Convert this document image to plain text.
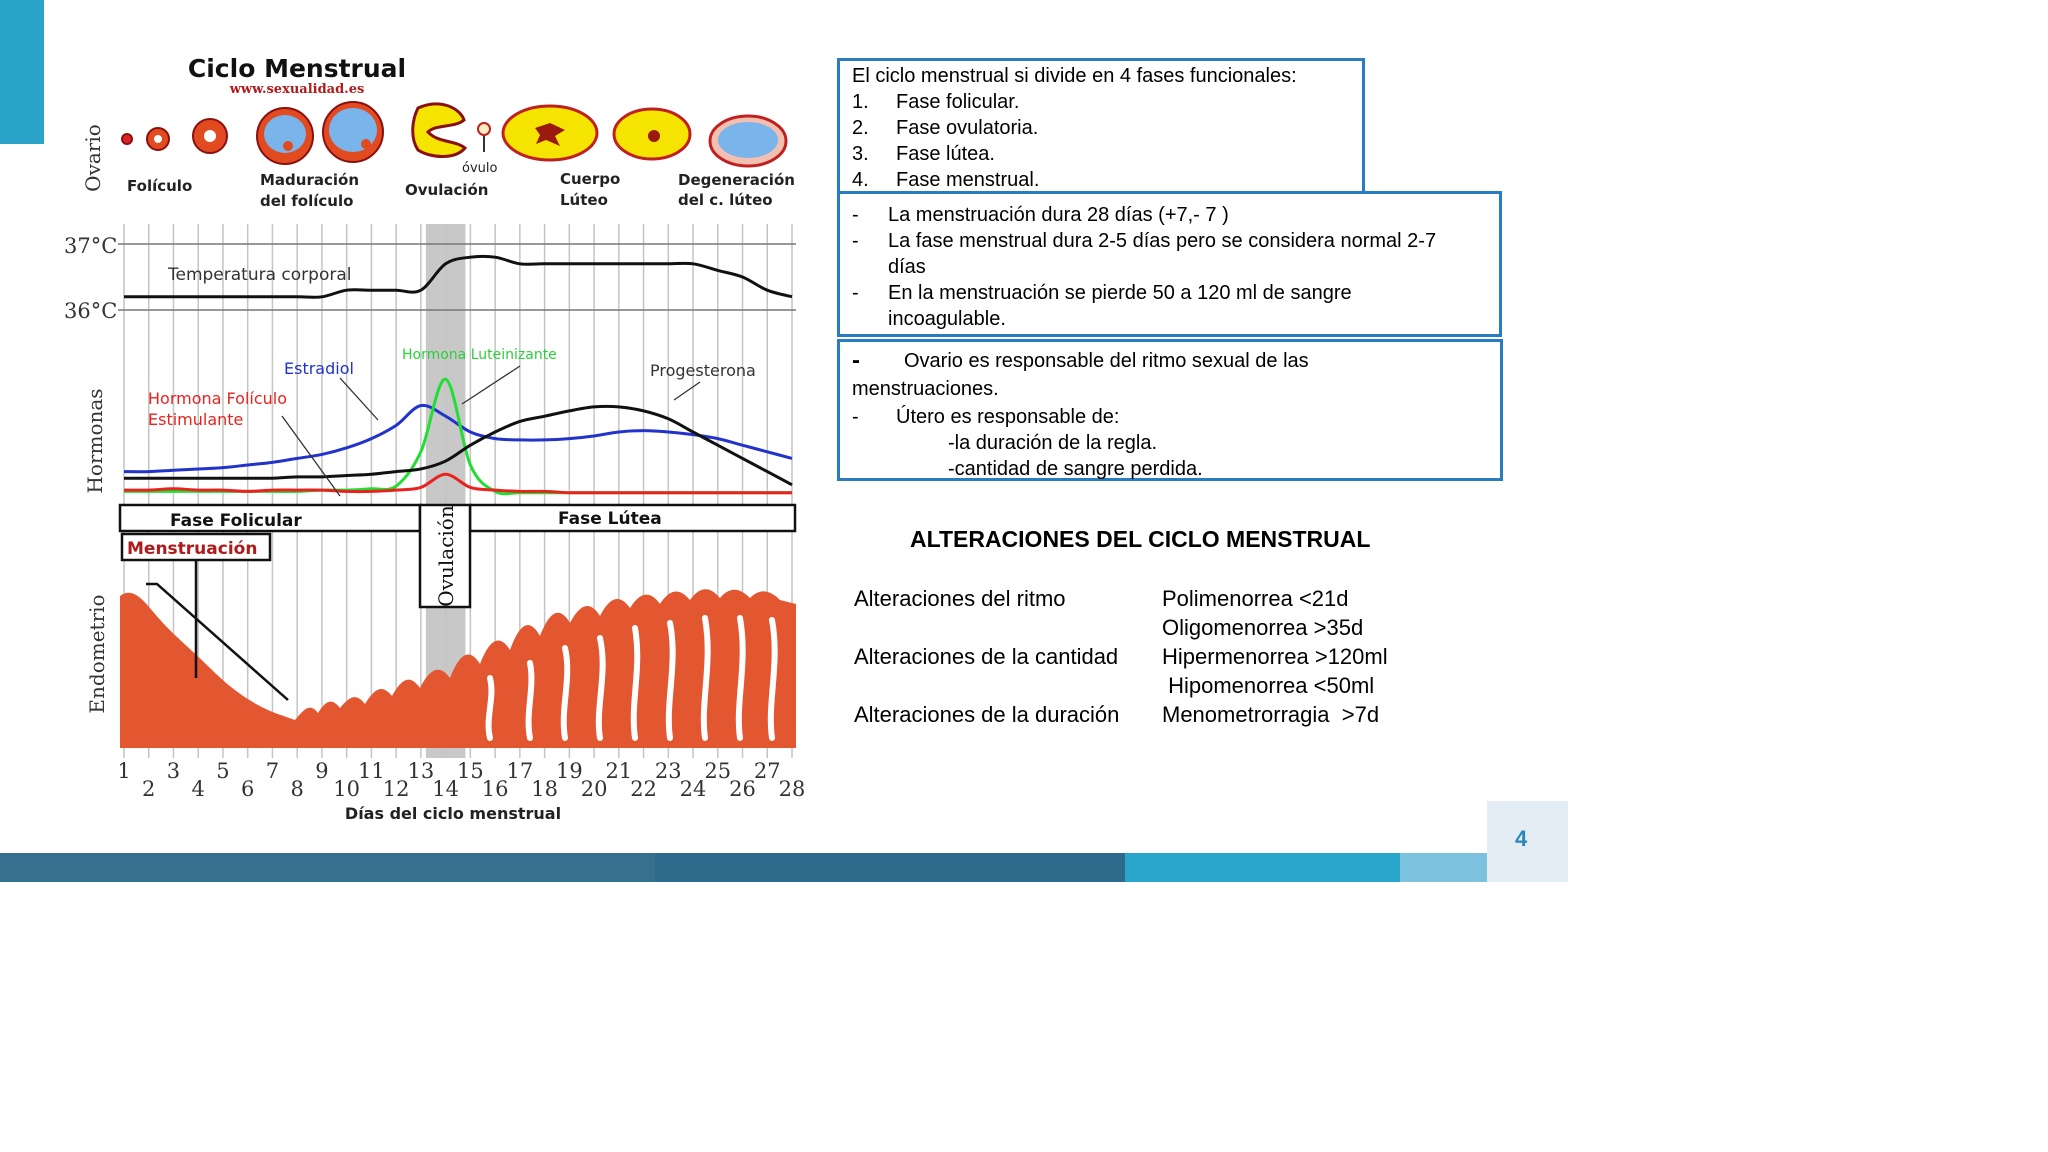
Ciclo Menstrual
www.sexualidad.es
Ovario
Hormonas
Endometrio
Folículo	Maduración
del folículo
Ovulación
óvulo
Cuerpo
Lúteo
Degeneración
del c. lúteo
37°C
36°C
Temperatura corporal
Estradiol
Hormona Luteinizante
Progesterona
Hormona Folículo
Estimulante
Fase Folicular	Fase Lútea
Menstruación	Ovulación
1
2
3
4
5
6
7
8
9
10
11
12
13
14
15
16
17
18
19
20
21
22
23
24
25
26
27
28
Días del ciclo menstrual
El ciclo menstrual si divide en 4 fases funcionales:
1.	Fase folicular.
2.	Fase ovulatoria.
3.	Fase lútea.
4.	Fase menstrual.
-	La menstruación dura 28 días (+7,- 7 )
-	La fase menstrual dura 2-5 días pero se considera normal 2-7
días
-	En la menstruación se pierde 50 a 120 ml de sangre
incoagulable.
-	Ovario es responsable del ritmo sexual de las
menstruaciones.
-	Útero es responsable de:
-la duración de la regla.
-cantidad de sangre perdida.
ALTERACIONES DEL CICLO MENSTRUAL
Alteraciones del ritmo	Polimenorrea <21d
Oligomenorrea >35d
Alteraciones de la cantidad	Hipermenorrea >120ml
Hipomenorrea <50ml
Alteraciones de la duración	Menometrorragia  >7d
4
